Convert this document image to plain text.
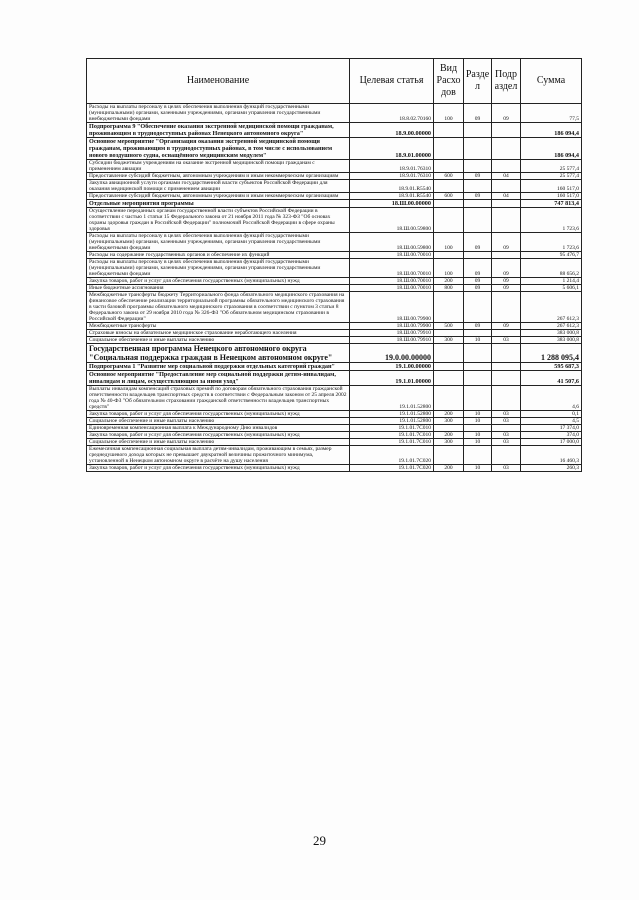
Наименование	Целевая статья	Вид Расхо дов	Разде л	Подр аздел	Сумма
Расходы на выплаты персоналу в целях обеспечения выполнения функций государственными (муниципальными) органами, казенными учреждениями, органами управления государственными внебюджетными фондами	18.8.02.70160	100	09	09	77,5
Подпрограмма 9 "Обеспечение оказания экстренной медицинской помощи гражданам, проживающим в труднодоступных районах Ненецкого автономного округа"	18.9.00.00000				186 094,4
Основное мероприятие "Организация оказания экстренной медицинской помощи гражданам, проживающим в труднодоступных районах, в том числе с использованием нового воздушного судна, оснащённого медицинским модулем"	18.9.01.00000				186 094,4
Субсидии бюджетным учреждениям на оказание экстренной медицинской помощи гражданам с применением авиации	18.9.01.76310				25 577,4
Предоставление субсидий бюджетным, автономным учреждениям и иным некоммерческим организациям	18.9.01.76310	600	09	04	25 577,4
Закупка авиационной услуги органами государственной власти субъектов Российской Федерации для оказания медицинской помощи с применением авиации	18.9.01.R5540				160 517,0
Предоставление субсидий бюджетным, автономным учреждениям и иным некоммерческим организациям	18.9.01.R5540	600	09	04	160 517,0
Отдельные мероприятия программы	18.Ш.00.00000				747 813,4
Осуществление переданных органам государственной власти субъектов Российской Федерации в соответствии с частью 1 статьи 15 Федерального закона от 21 ноября 2011 года № 323-ФЗ "Об основах охраны здоровья граждан в Российской Федерации" полномочий Российской Федерации в сфере охраны здоровья	18.Ш.00.59800				1 723,6
Расходы на выплаты персоналу в целях обеспечения выполнения функций государственными (муниципальными) органами, казенными учреждениями, органами управления государственными внебюджетными фондами	18.Ш.00.59800	100	09	09	1 723,6
Расходы на содержание государственных органов и обеспечение их функций	18.Ш.00.70010				95 476,7
Расходы на выплаты персоналу в целях обеспечения выполнения функций государственными (муниципальными) органами, казенными учреждениями, органами управления государственными внебюджетными фондами	18.Ш.00.70010	100	09	09	88 656,2
Закупка товаров, работ и услуг для обеспечения государственных (муниципальных) нужд	18.Ш.00.70010	200	09	09	1 214,4
Иные бюджетные ассигнования	18.Ш.00.70010	800	09	09	5 606,1
Межбюджетные трансферты бюджету Территориального фонда обязательного медицинского страхования на финансовое обеспечение реализации территориальной программы обязательного медицинского страхования в части базовой программы обязательного медицинского страхования в соответствии с пунктом 3 статьи 8 Федерального закона от 29 ноября 2010 года № 326-ФЗ "Об обязательном медицинском страховании в Российской Федерации"	18.Ш.00.79900				267 612,3
Межбюджетные трансферты	18.Ш.00.79900	500	09	09	267 612,3
Страховые взносы на обязательное медицинское страхование неработающего населения	18.Ш.00.79910				383 000,8
Социальное обеспечение и иные выплаты населению	18.Ш.00.79910	300	10	03	383 000,8
Государственная программа Ненецкого автономного округа "Социальная поддержка граждан в Ненецком автономном округе"	19.0.00.00000				1 288 095,4
Подпрограмма 1 "Развитие мер социальной поддержки отдельных категорий граждан"	19.1.00.00000				595 687,3
Основное мероприятие "Предоставление мер социальной поддержки детям-инвалидам, инвалидам и лицам, осуществляющим за ними уход"	19.1.01.00000				41 507,6
Выплаты инвалидам компенсаций страховых премий по договорам обязательного страхования гражданской ответственности владельцев транспортных средств в соответствии с Федеральным законом от 25 апреля 2002 года № 40-ФЗ "Об обязательном страховании гражданской ответственности владельцев транспортных средств"	19.1.01.52800				4,6
Закупка товаров, работ и услуг для обеспечения государственных (муниципальных) нужд	19.1.01.52800	200	10	03	0,1
Социальное обеспечение и иные выплаты населению	19.1.01.52800	300	10	03	4,5
Единовременная компенсационная выплата к Международному Дню инвалидов	19.1.01.7С010				17 374,0
Закупка товаров, работ и услуг для обеспечения государственных (муниципальных) нужд	19.1.01.7С010	200	10	03	374,0
Социальное обеспечение и иные выплаты населению	19.1.01.7С010	300	10	03	17 000,0
Ежемесячная компенсационная социальная выплата детям-инвалидам, проживающим в семьях, размер среднедушевого дохода которых не превышает двукратной величины прожиточного минимума, установленной в Ненецком автономном округе в расчёте на душу населения	19.1.01.7С020				16 460,3
Закупка товаров, работ и услуг для обеспечения государственных (муниципальных) нужд	19.1.01.7С020	200	10	03	260,3
29
